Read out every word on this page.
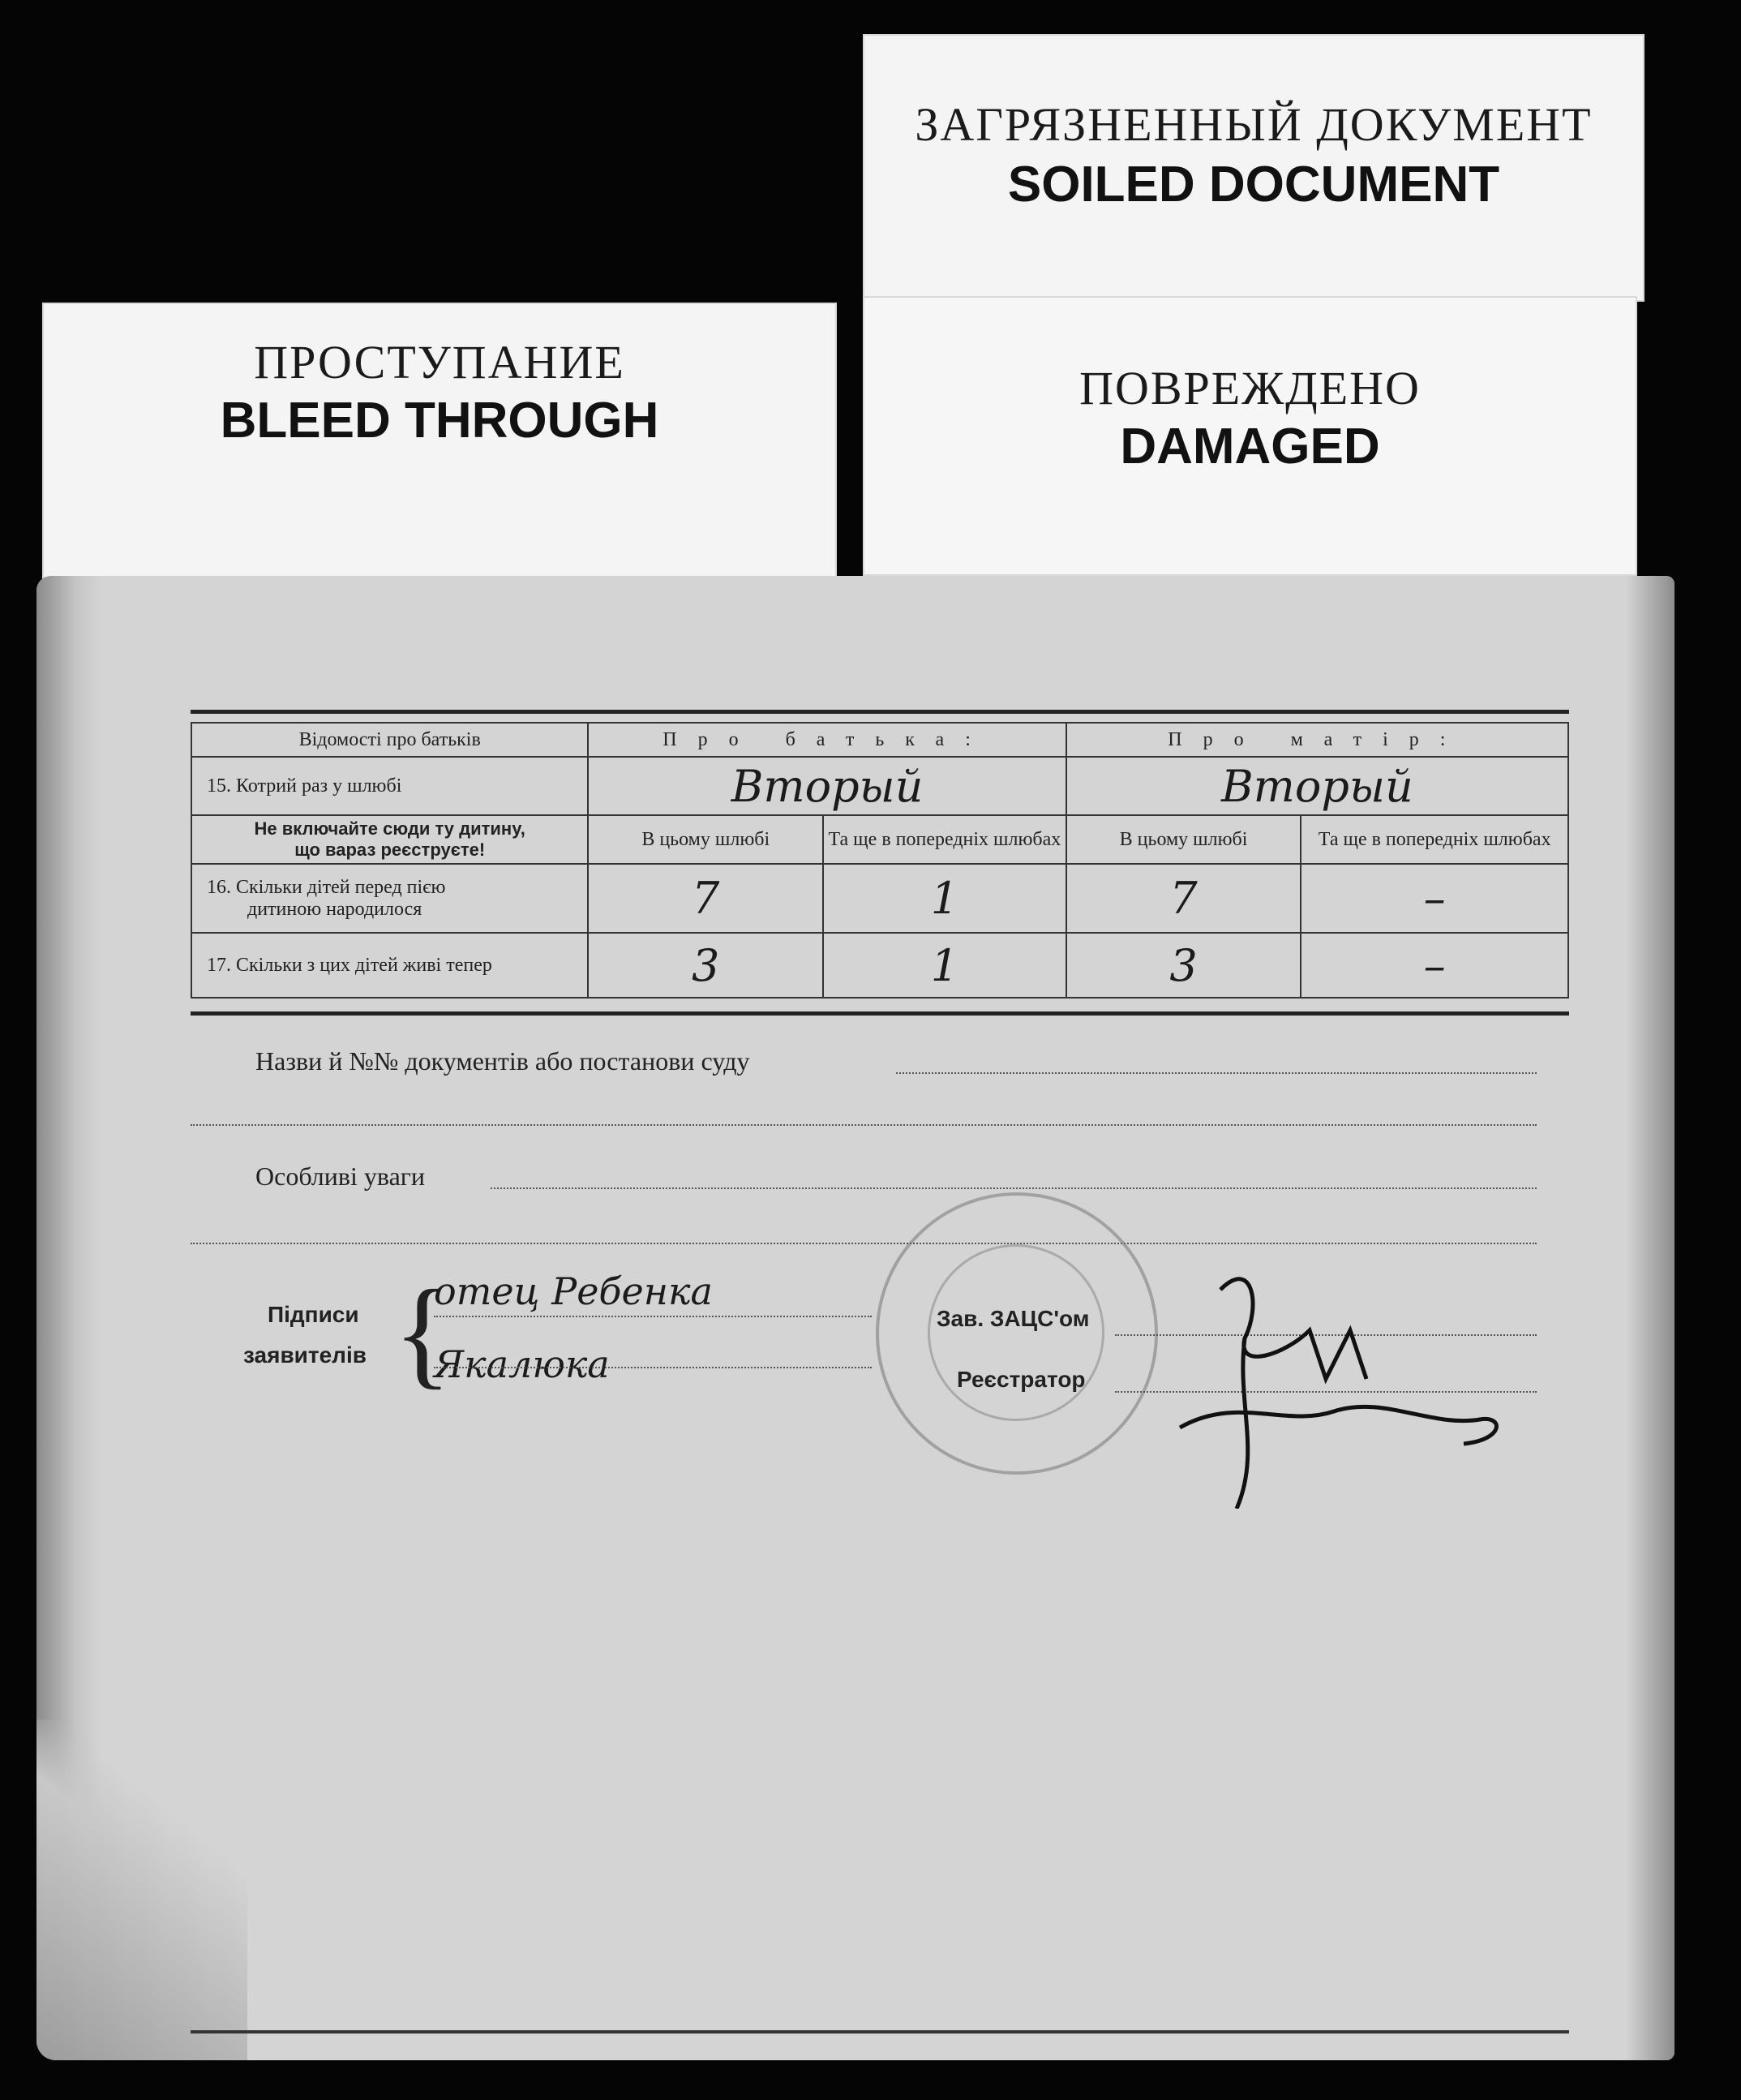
ЗАГРЯЗНЕННЫЙ ДОКУМЕНТ
SOILED DOCUMENT
ПОВРЕЖДЕНО
DAMAGED
ПРОСТУПАНИЕ
BLEED THROUGH
Відомості про батьків	Про батька:		Про матір:	
15. Котрий раз у шлюбі	Вторый		Вторый	

Не включайте сюди ту дитину,
що вараз реєструєте!	В цьому шлюбі	Та ще в попередніх шлюбах	В цьому шлюбі	Та ще в попередніх шлюбах

16. Скільки дітей перед пією
дитиною народилося	7	1	7	–
17. Скільки з цих дітей живі тепер	3	1	3	–
Назви й №№ документів або постанови суду
Особливі уваги
Підписи
заявителів {
отец Ребенка
Якалюка
Зав. ЗАЦС'ом
Реєстратор
